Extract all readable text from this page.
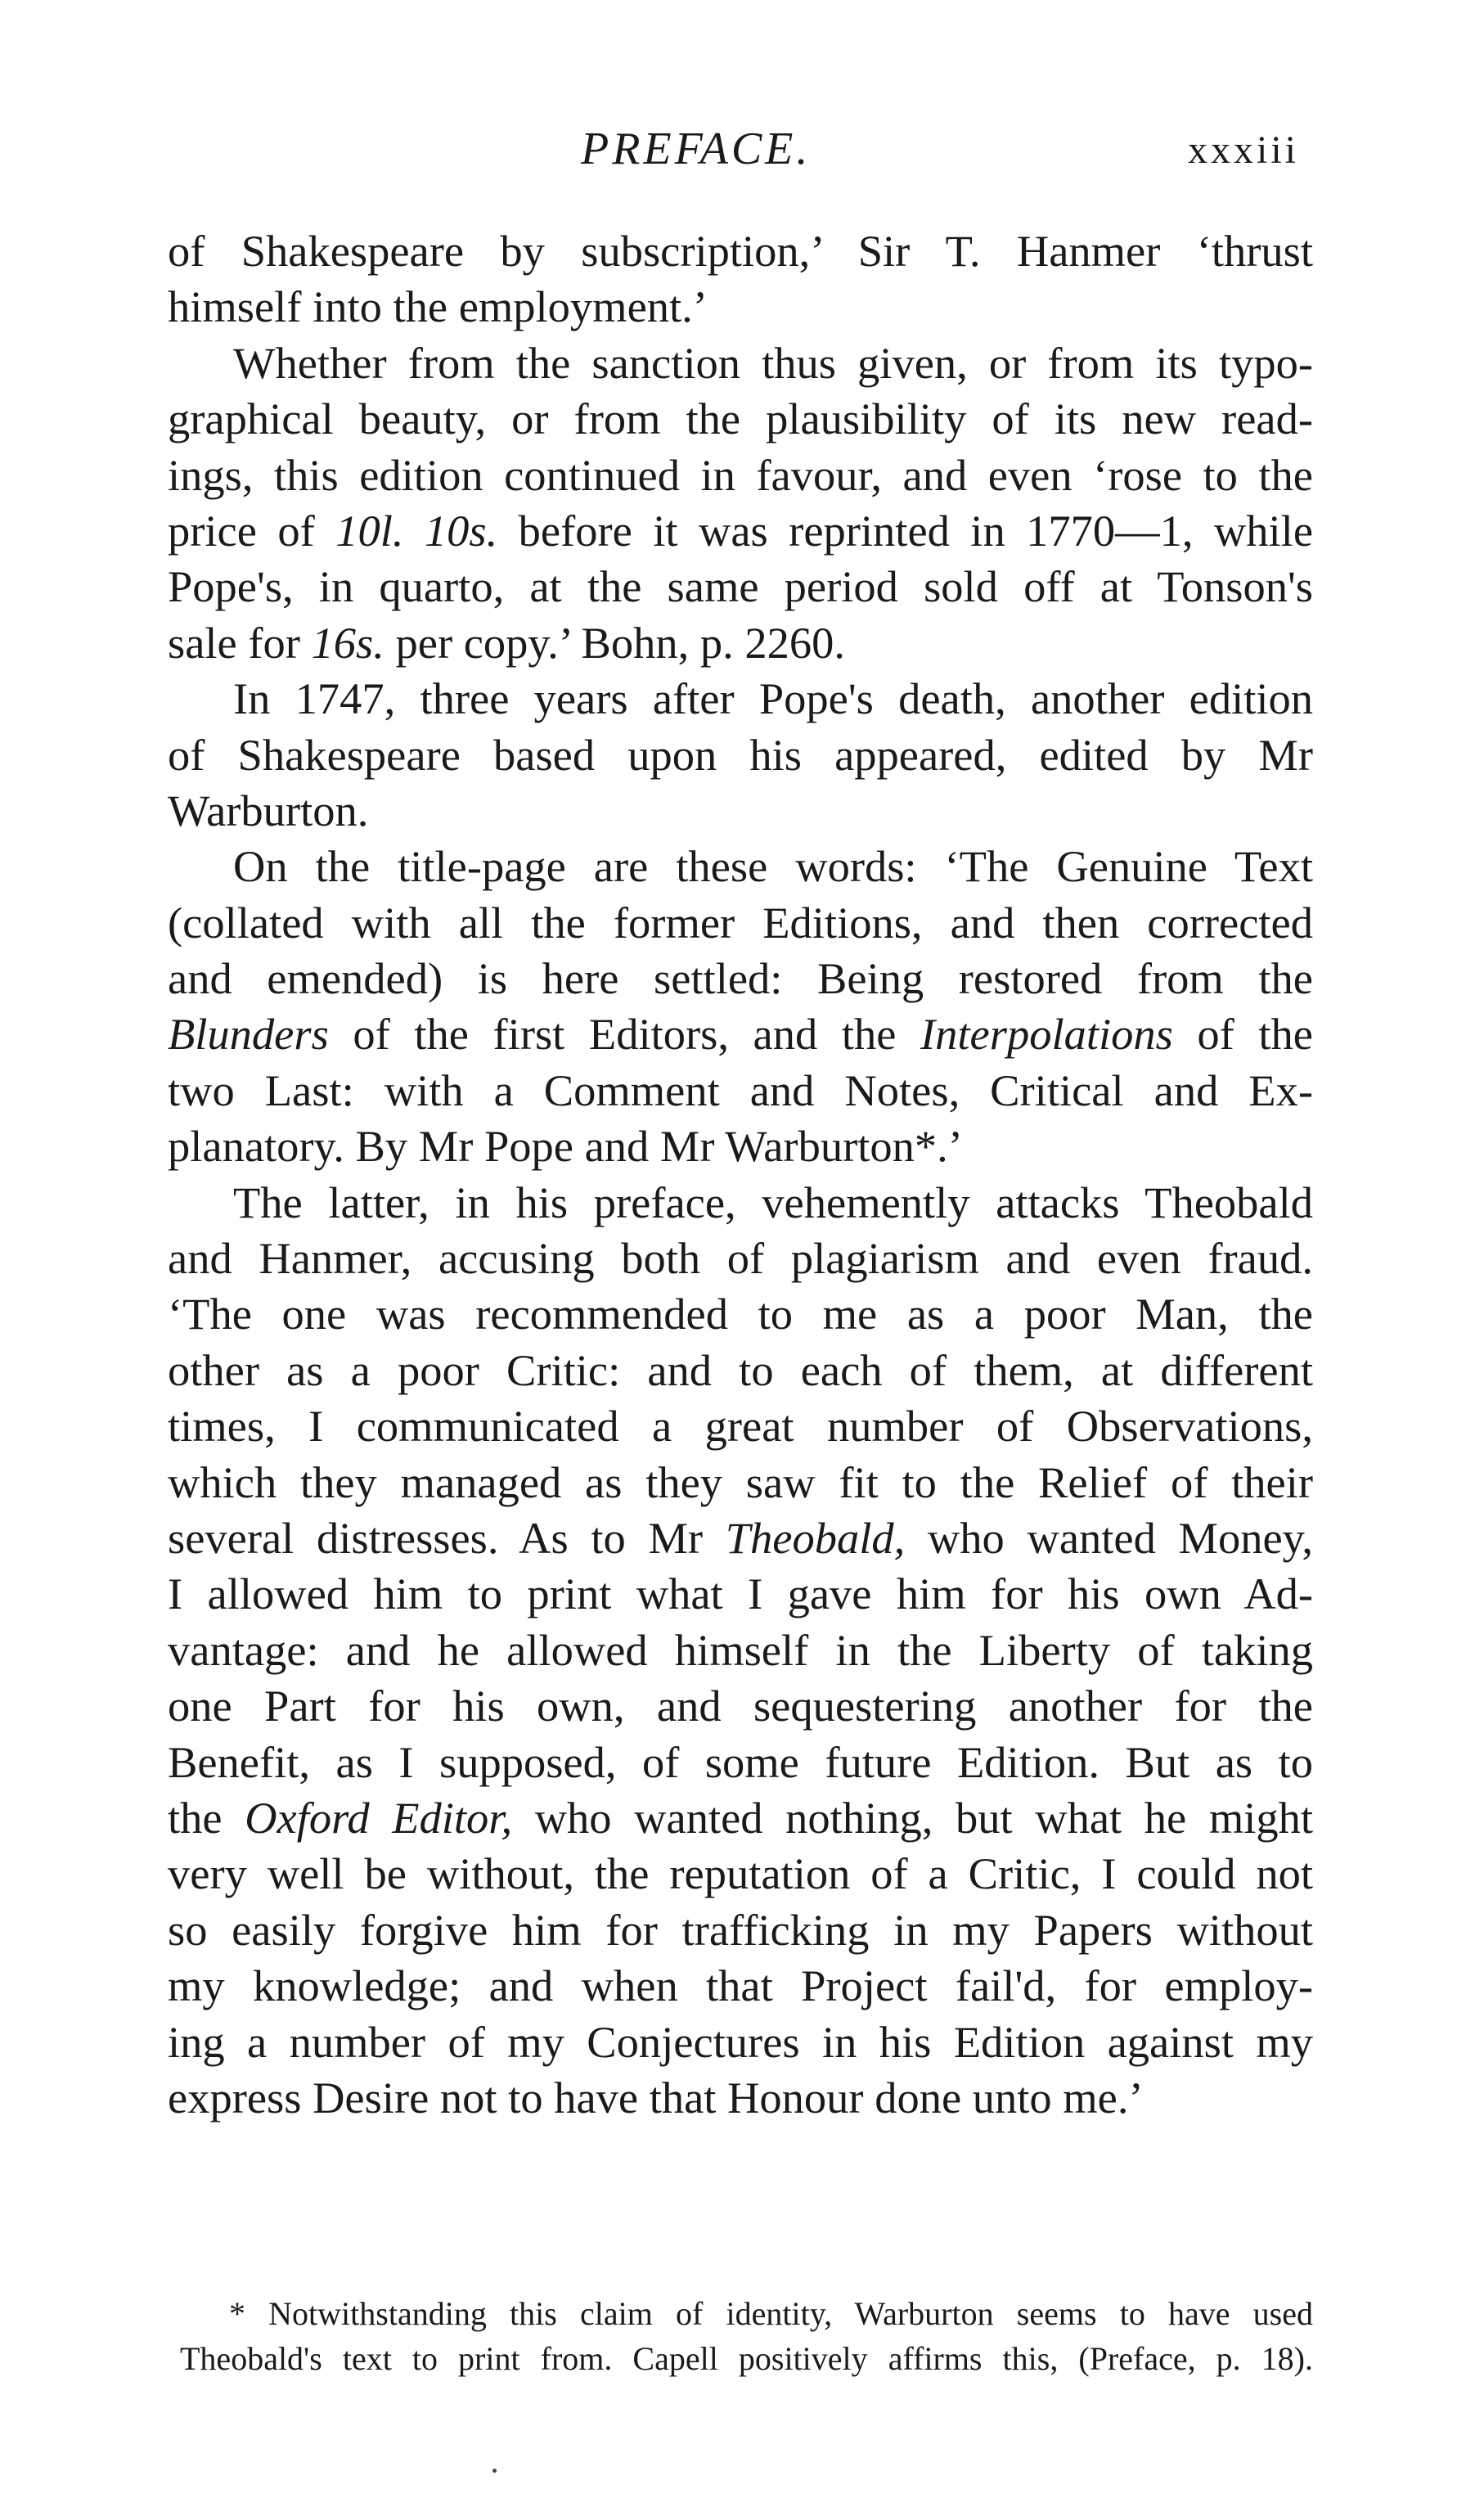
PREFACE.	xxxiii
of Shakespeare by subscription,’ Sir T. Hanmer ‘thrust
himself into the employment.’
Whether from the sanction thus given, or from its typo-
graphical beauty, or from the plausibility of its new read-
ings, this edition continued in favour, and even ‘rose to the
price of 10l. 10s. before it was reprinted in 1770—1, while
Pope's, in quarto, at the same period sold off at Tonson's
sale for 16s. per copy.’ Bohn, p. 2260.
In 1747, three years after Pope's death, another edition
of Shakespeare based upon his appeared, edited by Mr
Warburton.
On the title-page are these words: ‘The Genuine Text
(collated with all the former Editions, and then corrected
and emended) is here settled: Being restored from the
Blunders of the first Editors, and the Interpolations of the
two Last: with a Comment and Notes, Critical and Ex-
planatory. By Mr Pope and Mr Warburton*.’
The latter, in his preface, vehemently attacks Theobald
and Hanmer, accusing both of plagiarism and even fraud.
‘The one was recommended to me as a poor Man, the
other as a poor Critic: and to each of them, at different
times, I communicated a great number of Observations,
which they managed as they saw fit to the Relief of their
several distresses. As to Mr Theobald, who wanted Money,
I allowed him to print what I gave him for his own Ad-
vantage: and he allowed himself in the Liberty of taking
one Part for his own, and sequestering another for the
Benefit, as I supposed, of some future Edition. But as to
the Oxford Editor, who wanted nothing, but what he might
very well be without, the reputation of a Critic, I could not
so easily forgive him for trafficking in my Papers without
my knowledge; and when that Project fail'd, for employ-
ing a number of my Conjectures in his Edition against my
express Desire not to have that Honour done unto me.’
* Notwithstanding this claim of identity, Warburton seems to have used
Theobald's text to print from. Capell positively affirms this, (Preface, p. 18).
